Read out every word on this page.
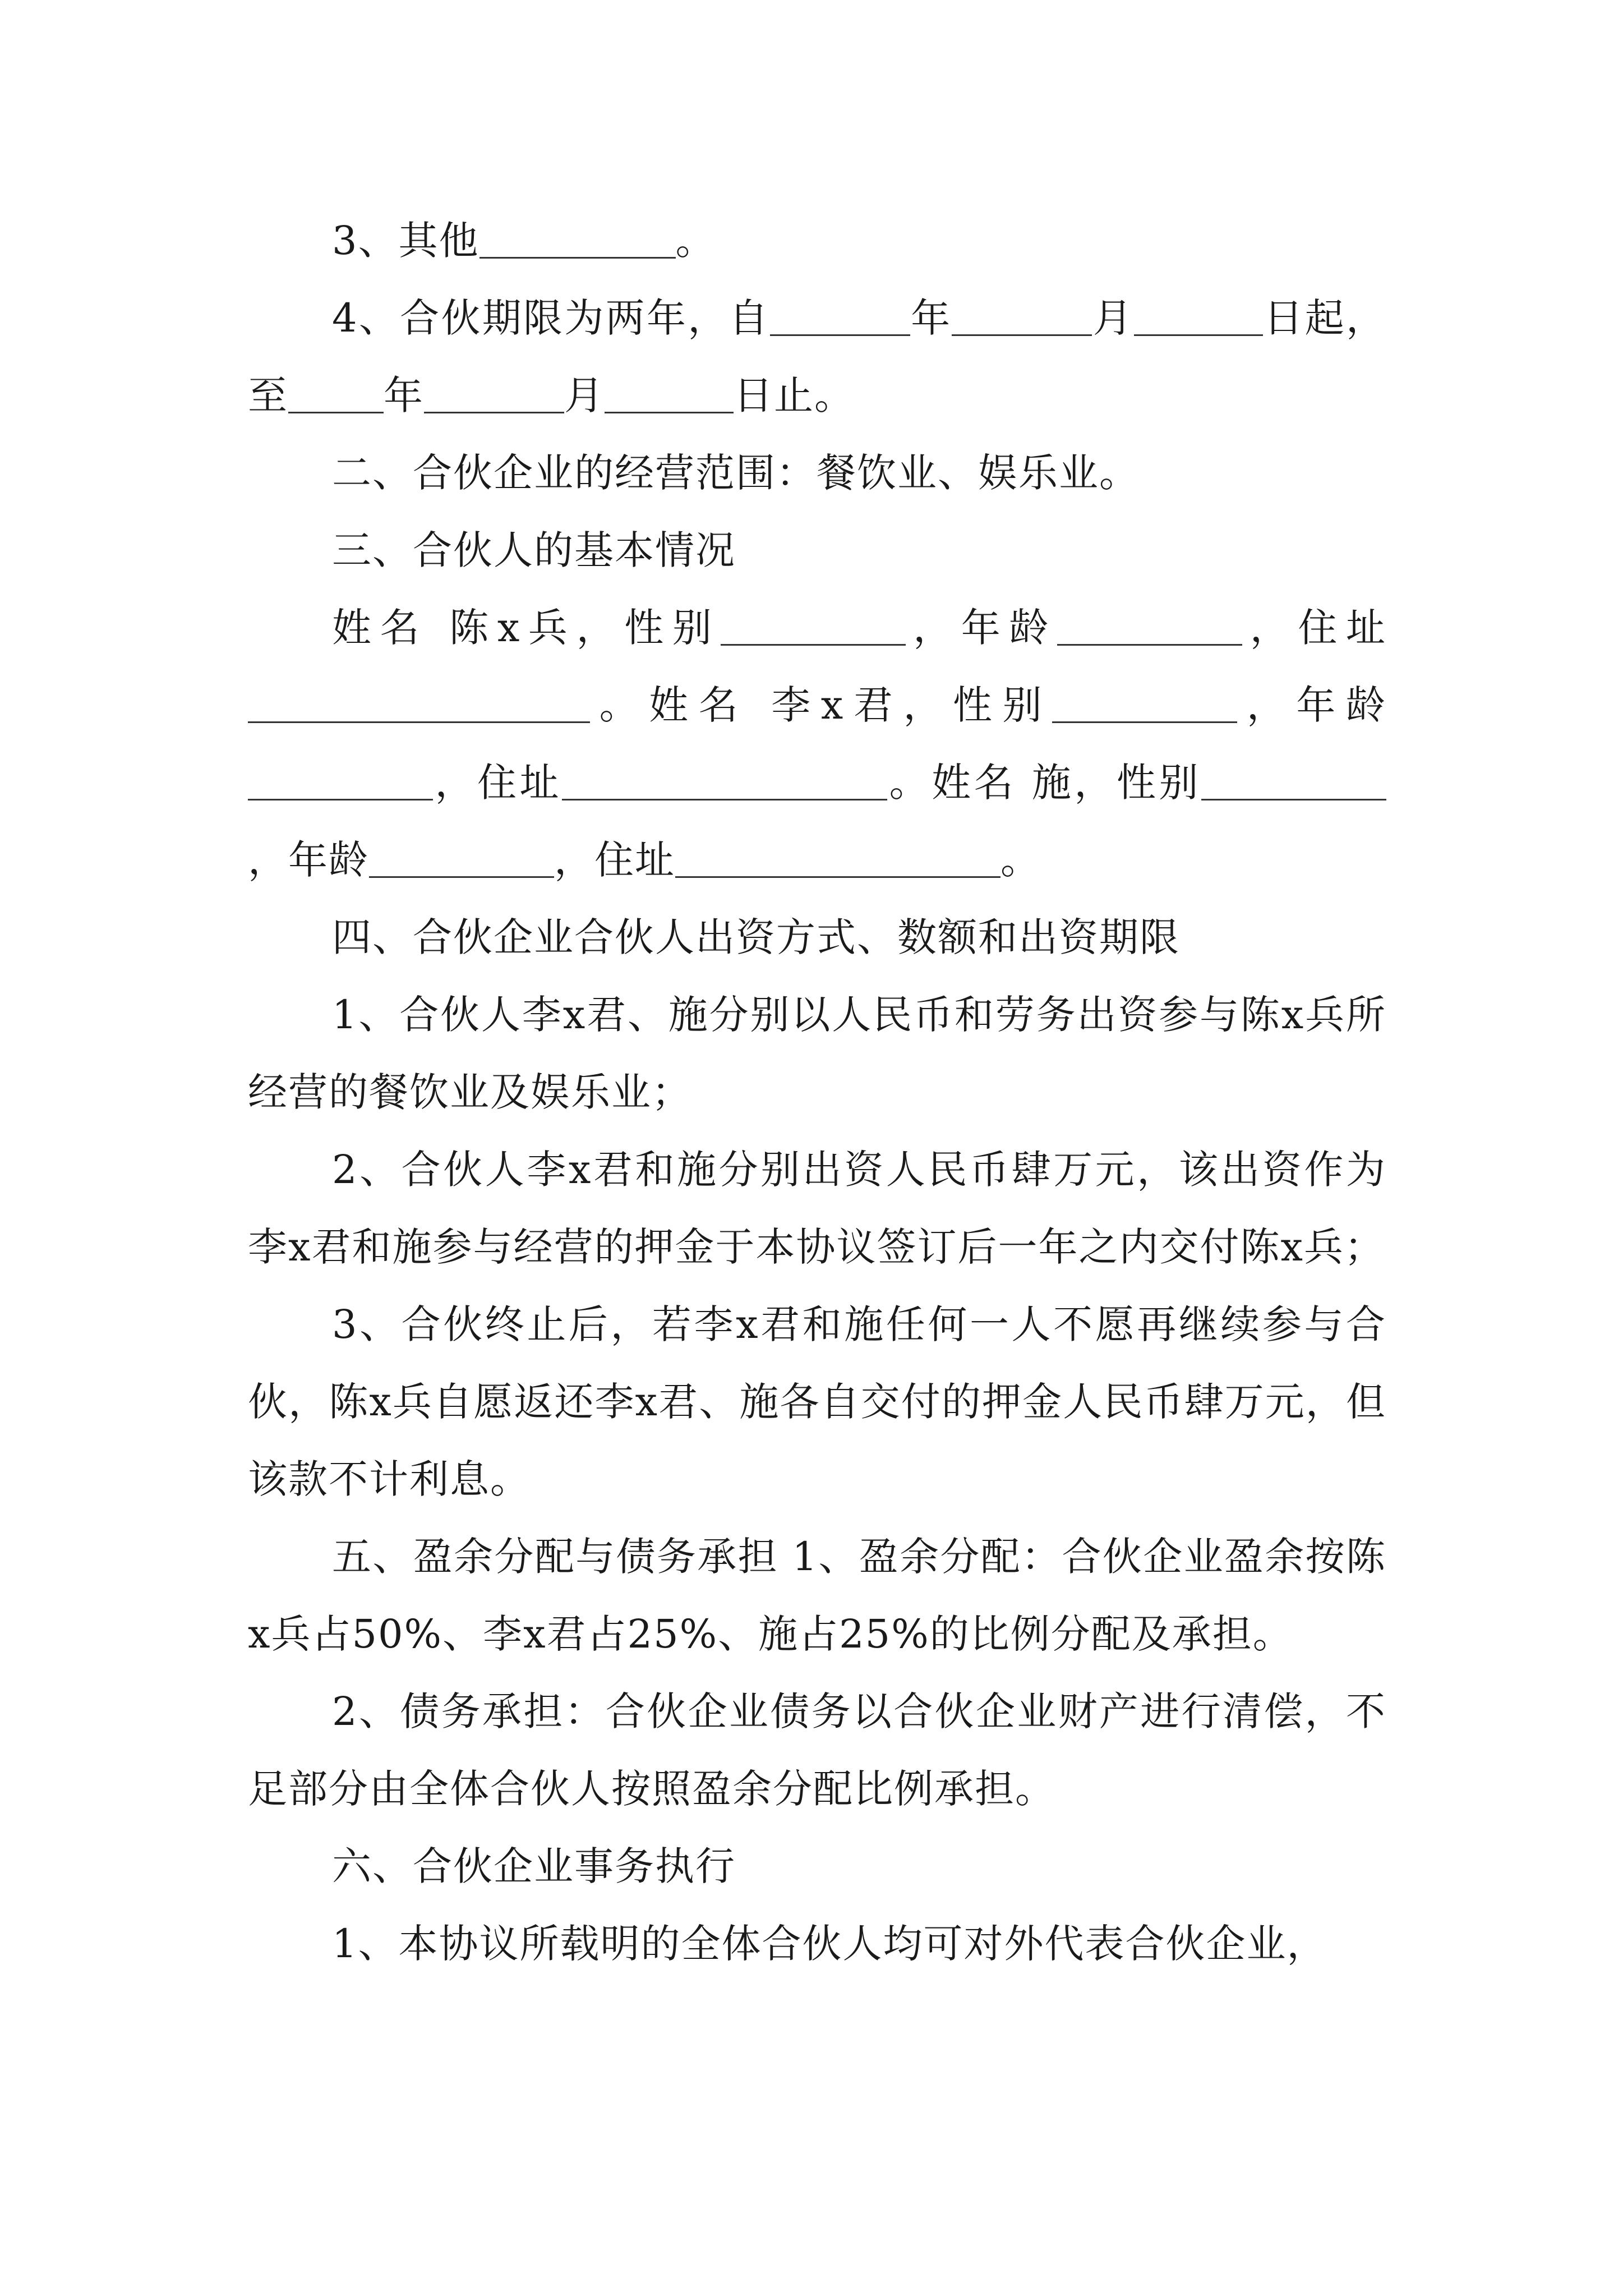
3、其他	。

4、合伙期限为两年，自	年	月	日起，至 年	月	日止。

二、合伙企业的经营范围：餐饮业、娱乐业。

三、合伙人的基本情况

姓名 陈x兵，性别	，年龄	，住址。姓名 李x君，性别	，年龄，住址	。姓名 施，性别，年龄	，住址	。

四、合伙企业合伙人出资方式、数额和出资期限

1、合伙人李x君、施分别以人民币和劳务出资参与陈x兵所经营的餐饮业及娱乐业；

2、合伙人李x君和施分别出资人民币肆万元，该出资作为李x君和施参与经营的押金于本协议签订后一年之内交付陈x兵；

3、合伙终止后，若李x君和施任何一人不愿再继续参与合伙，陈x兵自愿返还李x君、施各自交付的押金人民币肆万元，但该款不计利息。

五、盈余分配与债务承担 1、盈余分配：合伙企业盈余按陈x兵占50%、李x君占25%、施占25%的比例分配及承担。

2、债务承担：合伙企业债务以合伙企业财产进行清偿，不足部分由全体合伙人按照盈余分配比例承担。

六、合伙企业事务执行

1、本协议所载明的全体合伙人均可对外代表合伙企业，
